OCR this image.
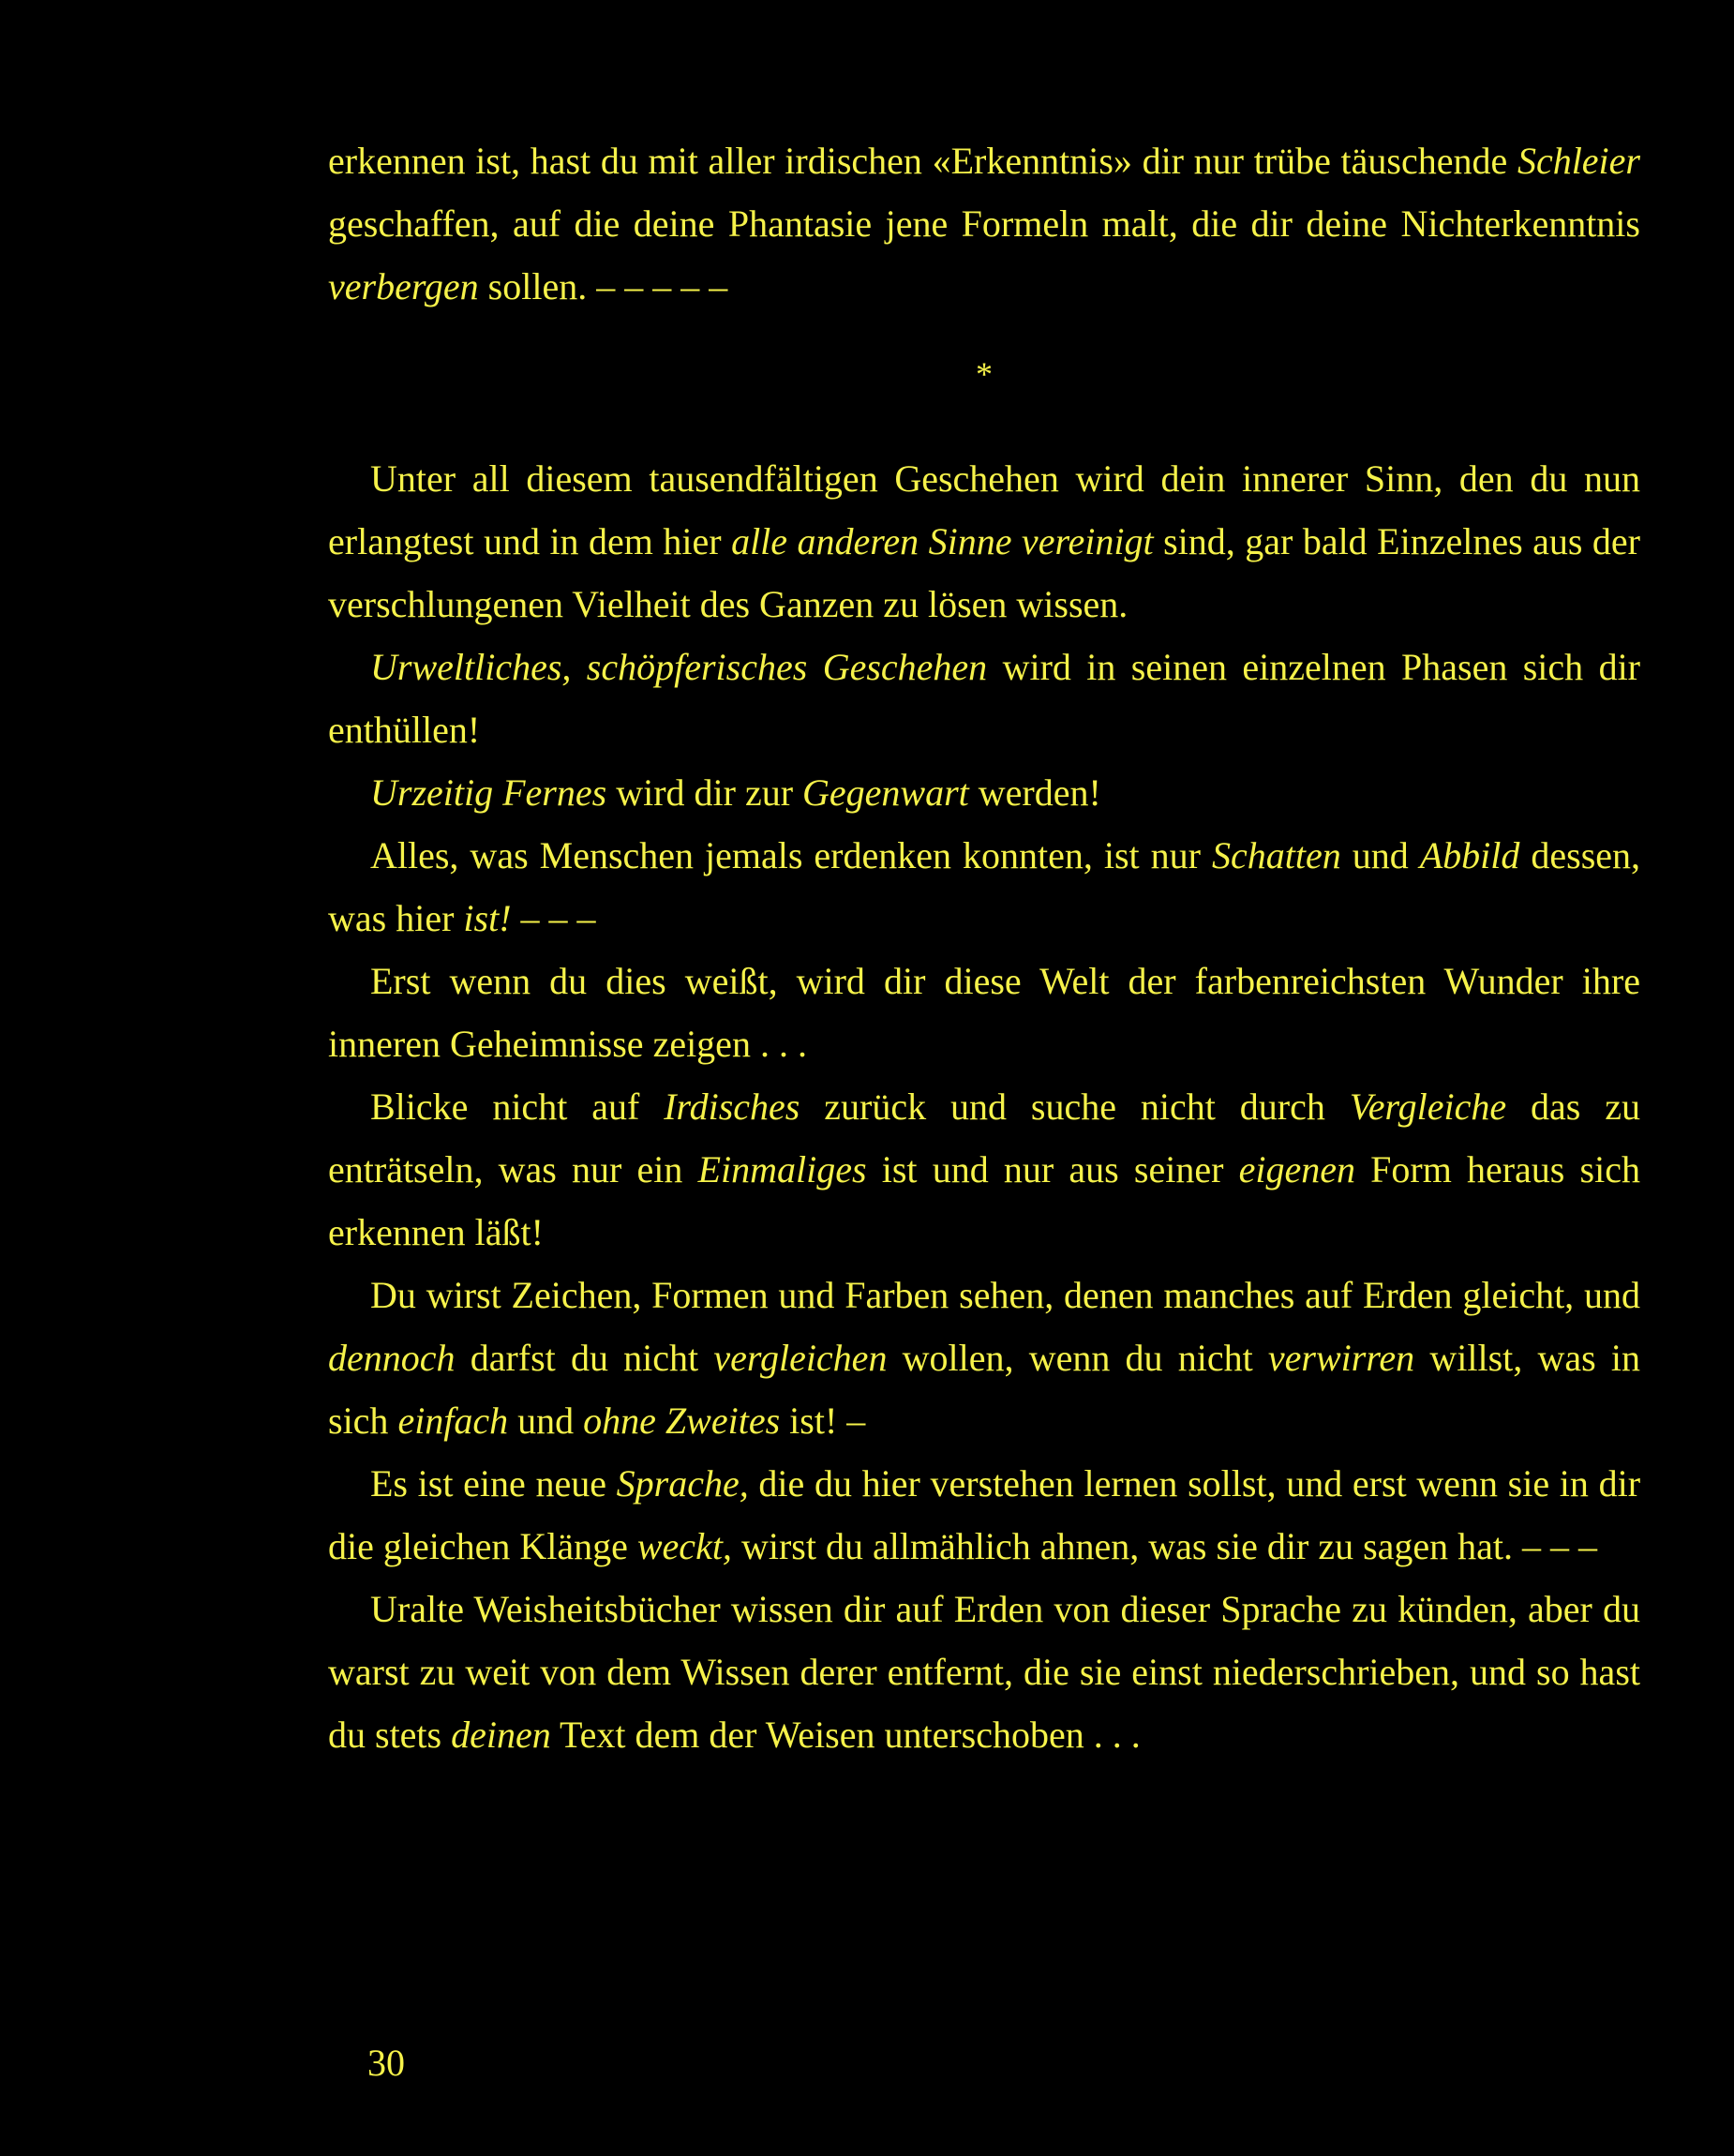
erkennen ist, hast du mit aller irdischen «Erkenntnis» dir nur trübe täuschende Schleier geschaffen, auf die deine Phantasie jene Formeln malt, die dir deine Nichterkenntnis verbergen sollen. – – – – –

*

Unter all diesem tausendfältigen Geschehen wird dein innerer Sinn, den du nun erlangtest und in dem hier alle anderen Sinne vereinigt sind, gar bald Einzelnes aus der verschlungenen Vielheit des Ganzen zu lösen wissen.

Urweltliches, schöpferisches Geschehen wird in seinen einzelnen Phasen sich dir enthüllen!

Urzeitig Fernes wird dir zur Gegenwart werden!

Alles, was Menschen jemals erdenken konnten, ist nur Schatten und Abbild dessen, was hier ist! – – –

Erst wenn du dies weißt, wird dir diese Welt der farbenreichsten Wunder ihre inneren Geheimnisse zeigen . . .

Blicke nicht auf Irdisches zurück und suche nicht durch Vergleiche das zu enträtseln, was nur ein Einmaliges ist und nur aus seiner eigenen Form heraus sich erkennen läßt!

Du wirst Zeichen, Formen und Farben sehen, denen manches auf Erden gleicht, und dennoch darfst du nicht vergleichen wollen, wenn du nicht verwirren willst, was in sich einfach und ohne Zweites ist! –

Es ist eine neue Sprache, die du hier verstehen lernen sollst, und erst wenn sie in dir die gleichen Klänge weckt, wirst du allmählich ahnen, was sie dir zu sagen hat. – – –

Uralte Weisheitsbücher wissen dir auf Erden von dieser Sprache zu künden, aber du warst zu weit von dem Wissen derer entfernt, die sie einst niederschrieben, und so hast du stets deinen Text dem der Weisen unterschoben . . .

30
